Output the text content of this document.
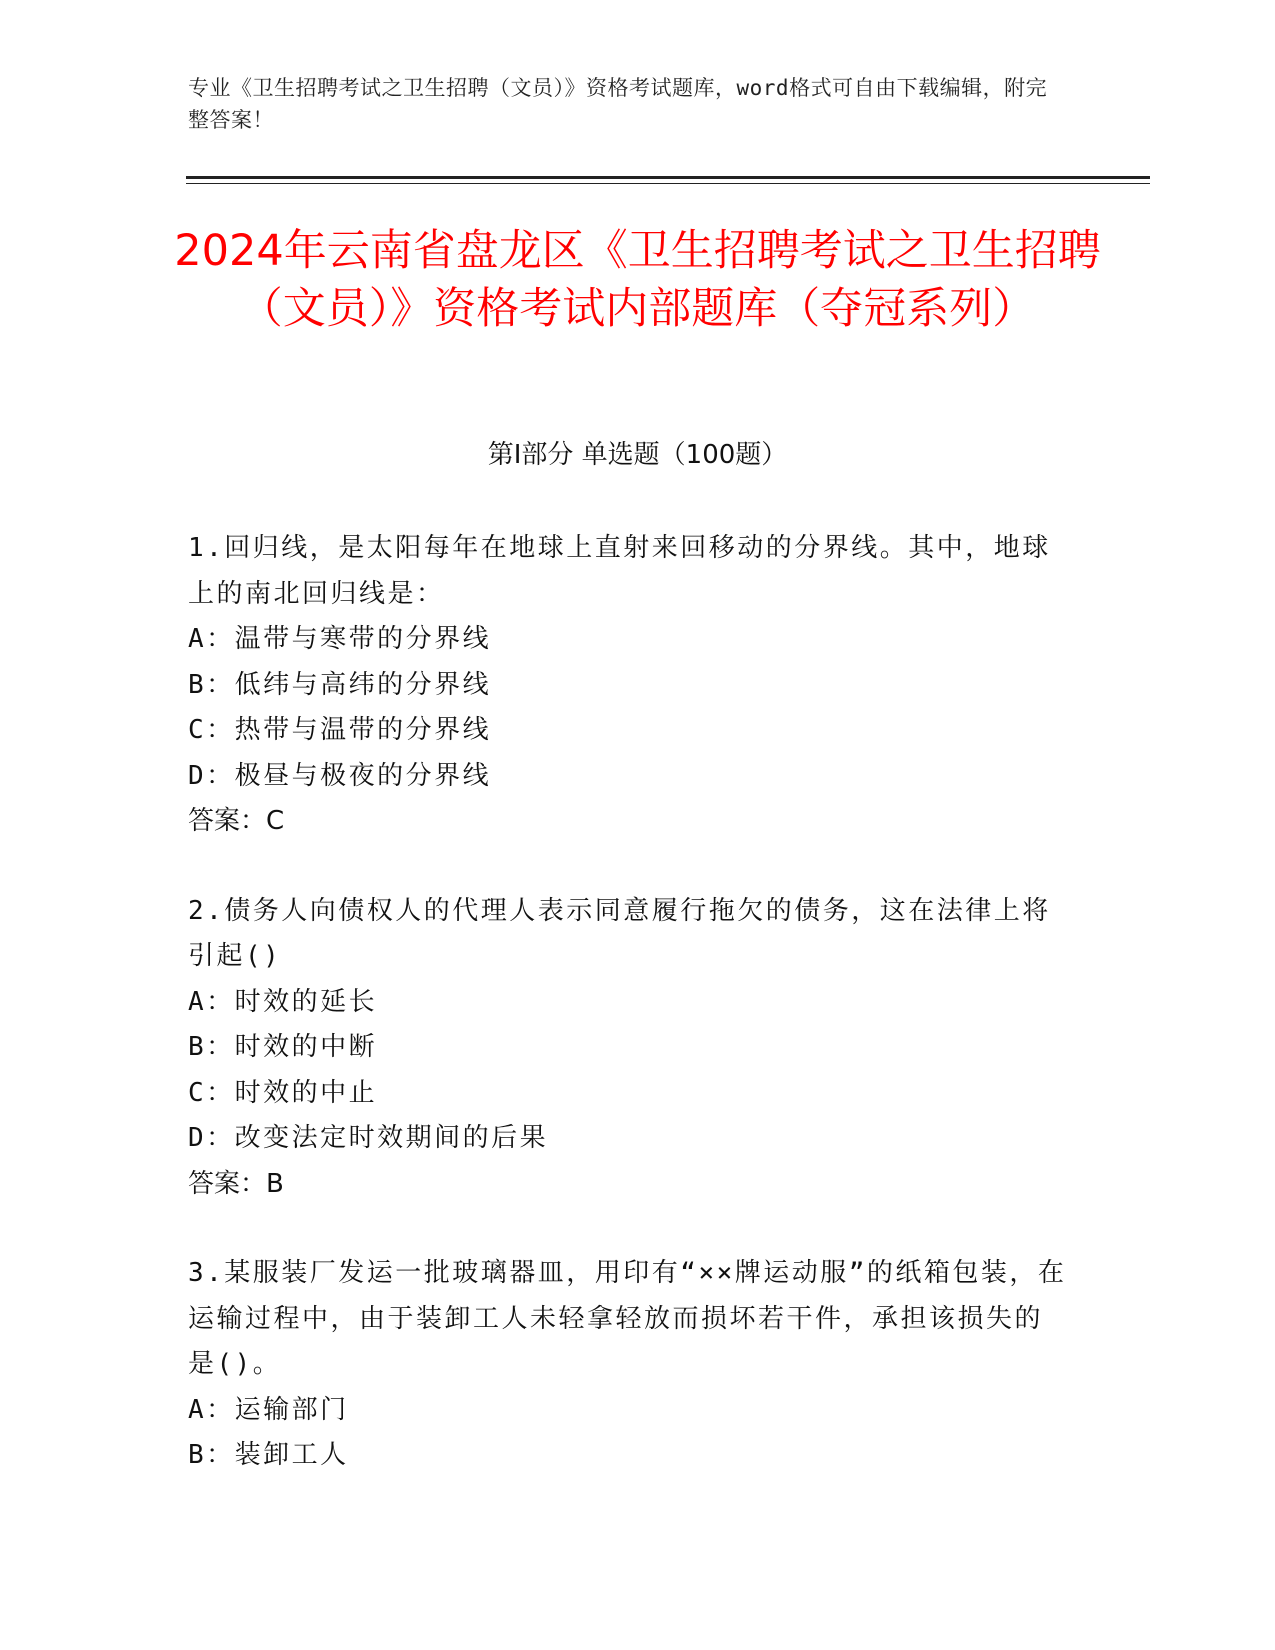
专业《卫生招聘考试之卫生招聘（文员）》资格考试题库，word格式可自由下载编辑，附完整答案！
2024年云南省盘龙区《卫生招聘考试之卫生招聘（文员）》资格考试内部题库（夺冠系列）
第I部分 单选题（100题）

1.回归线，是太阳每年在地球上直射来回移动的分界线。其中，地球上的南北回归线是：

A：温带与寒带的分界线

B：低纬与高纬的分界线

C：热带与温带的分界线

D：极昼与极夜的分界线

答案：C

2.债务人向债权人的代理人表示同意履行拖欠的债务，这在法律上将引起()

A：时效的延长

B：时效的中断

C：时效的中止

D：改变法定时效期间的后果

答案：B

3.某服装厂发运一批玻璃器皿，用印有“××牌运动服”的纸箱包装，在运输过程中，由于装卸工人未轻拿轻放而损坏若干件，承担该损失的是()。

A：运输部门

B：装卸工人
